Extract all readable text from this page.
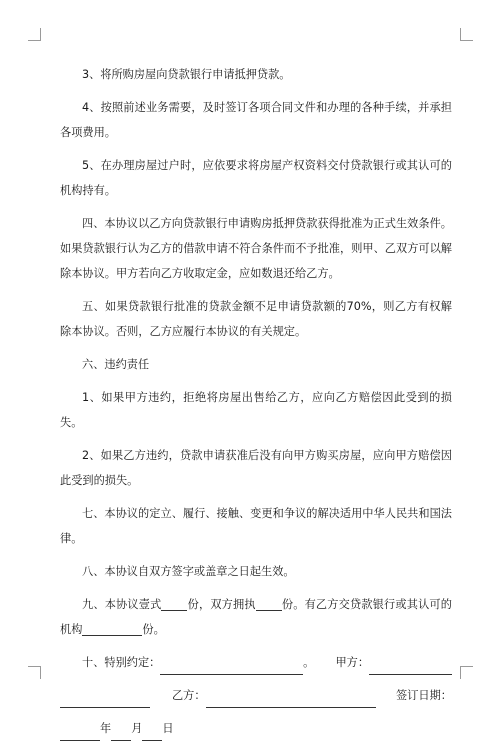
3、将所购房屋向贷款银行申请抵押贷款。

4、按照前述业务需要，及时签订各项合同文件和办理的各种手续，并承担各项费用。

5、在办理房屋过户时，应依要求将房屋产权资料交付贷款银行或其认可的机构持有。

四、本协议以乙方向贷款银行申请购房抵押贷款获得批准为正式生效条件。如果贷款银行认为乙方的借款申请不符合条件而不予批准，则甲、乙双方可以解除本协议。甲方若向乙方收取定金，应如数退还给乙方。

五、如果贷款银行批准的贷款金额不足申请贷款额的70%，则乙方有权解除本协议。否则，乙方应履行本协议的有关规定。

六、违约责任

1、如果甲方违约，拒绝将房屋出售给乙方，应向乙方赔偿因此受到的损失。

2、如果乙方违约，贷款申请获准后没有向甲方购买房屋，应向甲方赔偿因此受到的损失。

七、本协议的定立、履行、接触、变更和争议的解决适用中华人民共和国法律。

八、本协议自双方签字或盖章之日起生效。

九、本协议壹式 份，双方拥执 份。有乙方交贷款银行或其认可的机构	份。

十、特别约定：	。 甲方：
乙方：	签订日期：
年 月 日
